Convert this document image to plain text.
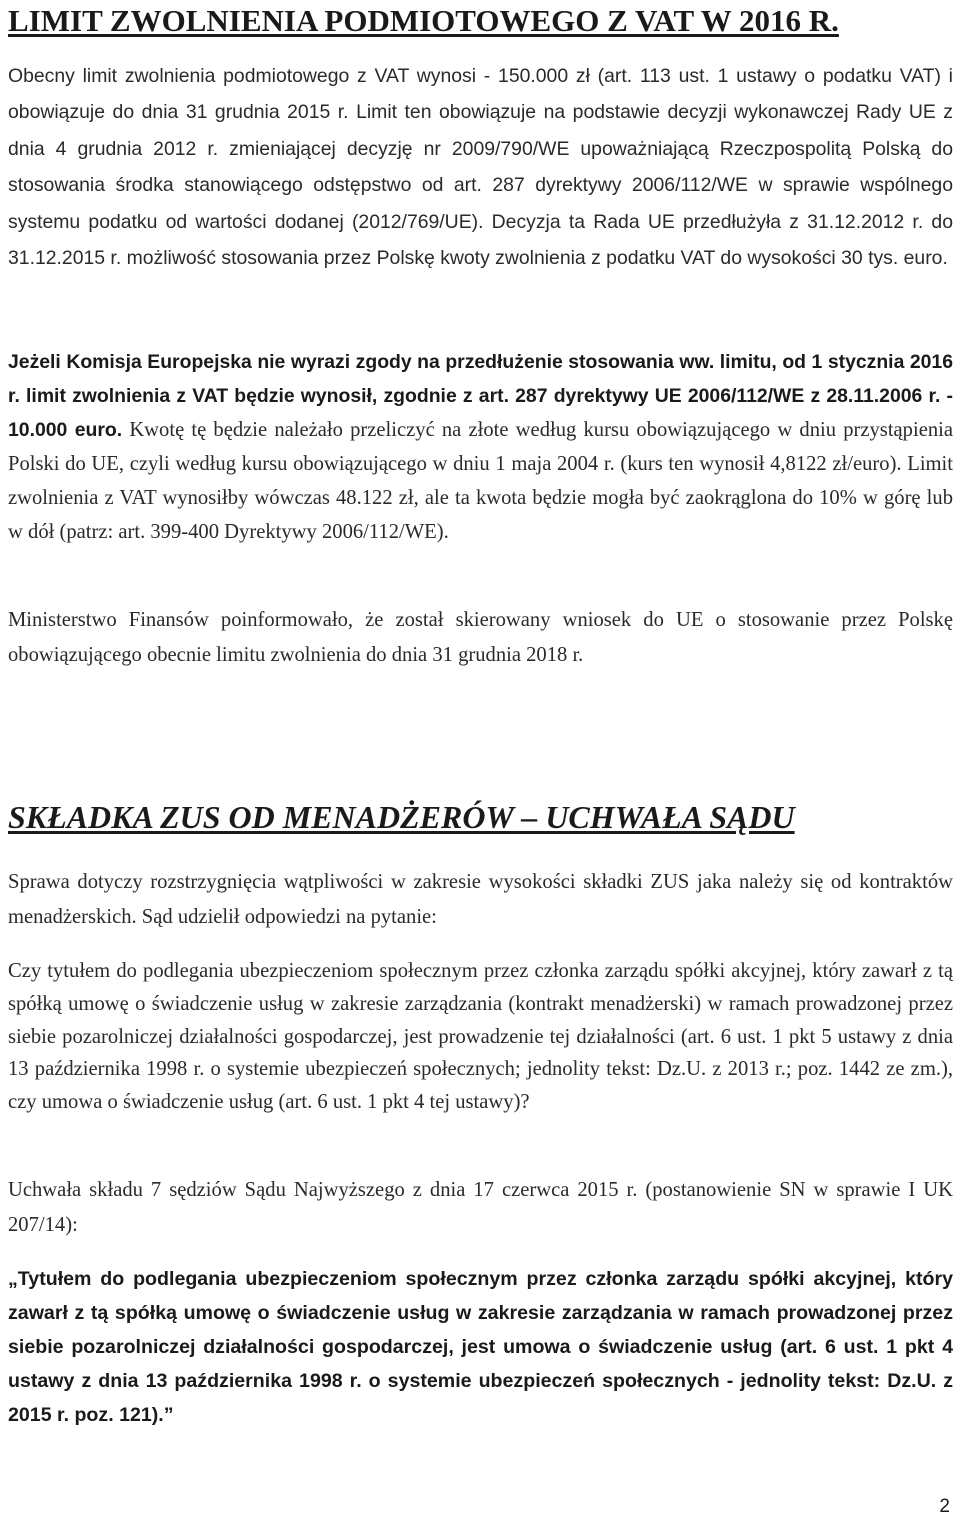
LIMIT ZWOLNIENIA PODMIOTOWEGO Z VAT W 2016 R.

Obecny limit zwolnienia podmiotowego z VAT wynosi - 150.000 zł (art. 113 ust. 1 ustawy o podatku VAT) i obowiązuje do dnia 31 grudnia 2015 r. Limit ten obowiązuje na podstawie decyzji wykonawczej Rady UE z dnia 4 grudnia 2012 r. zmieniającej decyzję nr 2009/790/WE upoważniającą Rzeczpospolitą Polską do stosowania środka stanowiącego odstępstwo od art. 287 dyrektywy 2006/112/WE w sprawie wspólnego systemu podatku od wartości dodanej (2012/769/UE). Decyzja ta Rada UE przedłużyła z 31.12.2012 r. do 31.12.2015 r. możliwość stosowania przez Polskę kwoty zwolnienia z podatku VAT do wysokości 30 tys. euro.

Jeżeli Komisja Europejska nie wyrazi zgody na przedłużenie stosowania ww. limitu, od 1 stycznia 2016 r. limit zwolnienia z VAT będzie wynosił, zgodnie z art. 287 dyrektywy UE 2006/112/WE z 28.11.2006 r. - 10.000 euro. Kwotę tę będzie należało przeliczyć na złote według kursu obowiązującego w dniu przystąpienia Polski do UE, czyli według kursu obowiązującego w dniu 1 maja 2004 r. (kurs ten wynosił 4,8122 zł/euro). Limit zwolnienia z VAT wynosiłby wówczas 48.122 zł, ale ta kwota będzie mogła być zaokrąglona do 10% w górę lub w dół (patrz: art. 399-400 Dyrektywy 2006/112/WE).

Ministerstwo Finansów poinformowało, że został skierowany wniosek do UE o stosowanie przez Polskę obowiązującego obecnie limitu zwolnienia do dnia 31 grudnia 2018 r.

SKŁADKA ZUS OD MENADŻERÓW – UCHWAŁA SĄDU

Sprawa dotyczy rozstrzygnięcia wątpliwości w zakresie wysokości składki ZUS jaka należy się od kontraktów menadżerskich. Sąd udzielił odpowiedzi na pytanie:

Czy tytułem do podlegania ubezpieczeniom społecznym przez członka zarządu spółki akcyjnej, który zawarł z tą spółką umowę o świadczenie usług w zakresie zarządzania (kontrakt menadżerski) w ramach prowadzonej przez siebie pozarolniczej działalności gospodarczej, jest prowadzenie tej działalności (art. 6 ust. 1 pkt 5 ustawy z dnia 13 października 1998 r. o systemie ubezpieczeń społecznych; jednolity tekst: Dz.U. z 2013 r.; poz. 1442 ze zm.), czy umowa o świadczenie usług (art. 6 ust. 1 pkt 4 tej ustawy)?

Uchwała składu 7 sędziów Sądu Najwyższego z dnia 17 czerwca 2015 r. (postanowienie SN w sprawie I UK 207/14):

„Tytułem do podlegania ubezpieczeniom społecznym przez członka zarządu spółki akcyjnej, który zawarł z tą spółką umowę o świadczenie usług w zakresie zarządzania w ramach prowadzonej przez siebie pozarolniczej działalności gospodarczej, jest umowa o świadczenie usług (art. 6 ust. 1 pkt 4 ustawy z dnia 13 października 1998 r. o systemie ubezpieczeń społecznych - jednolity tekst: Dz.U. z 2015 r. poz. 121).”

2
